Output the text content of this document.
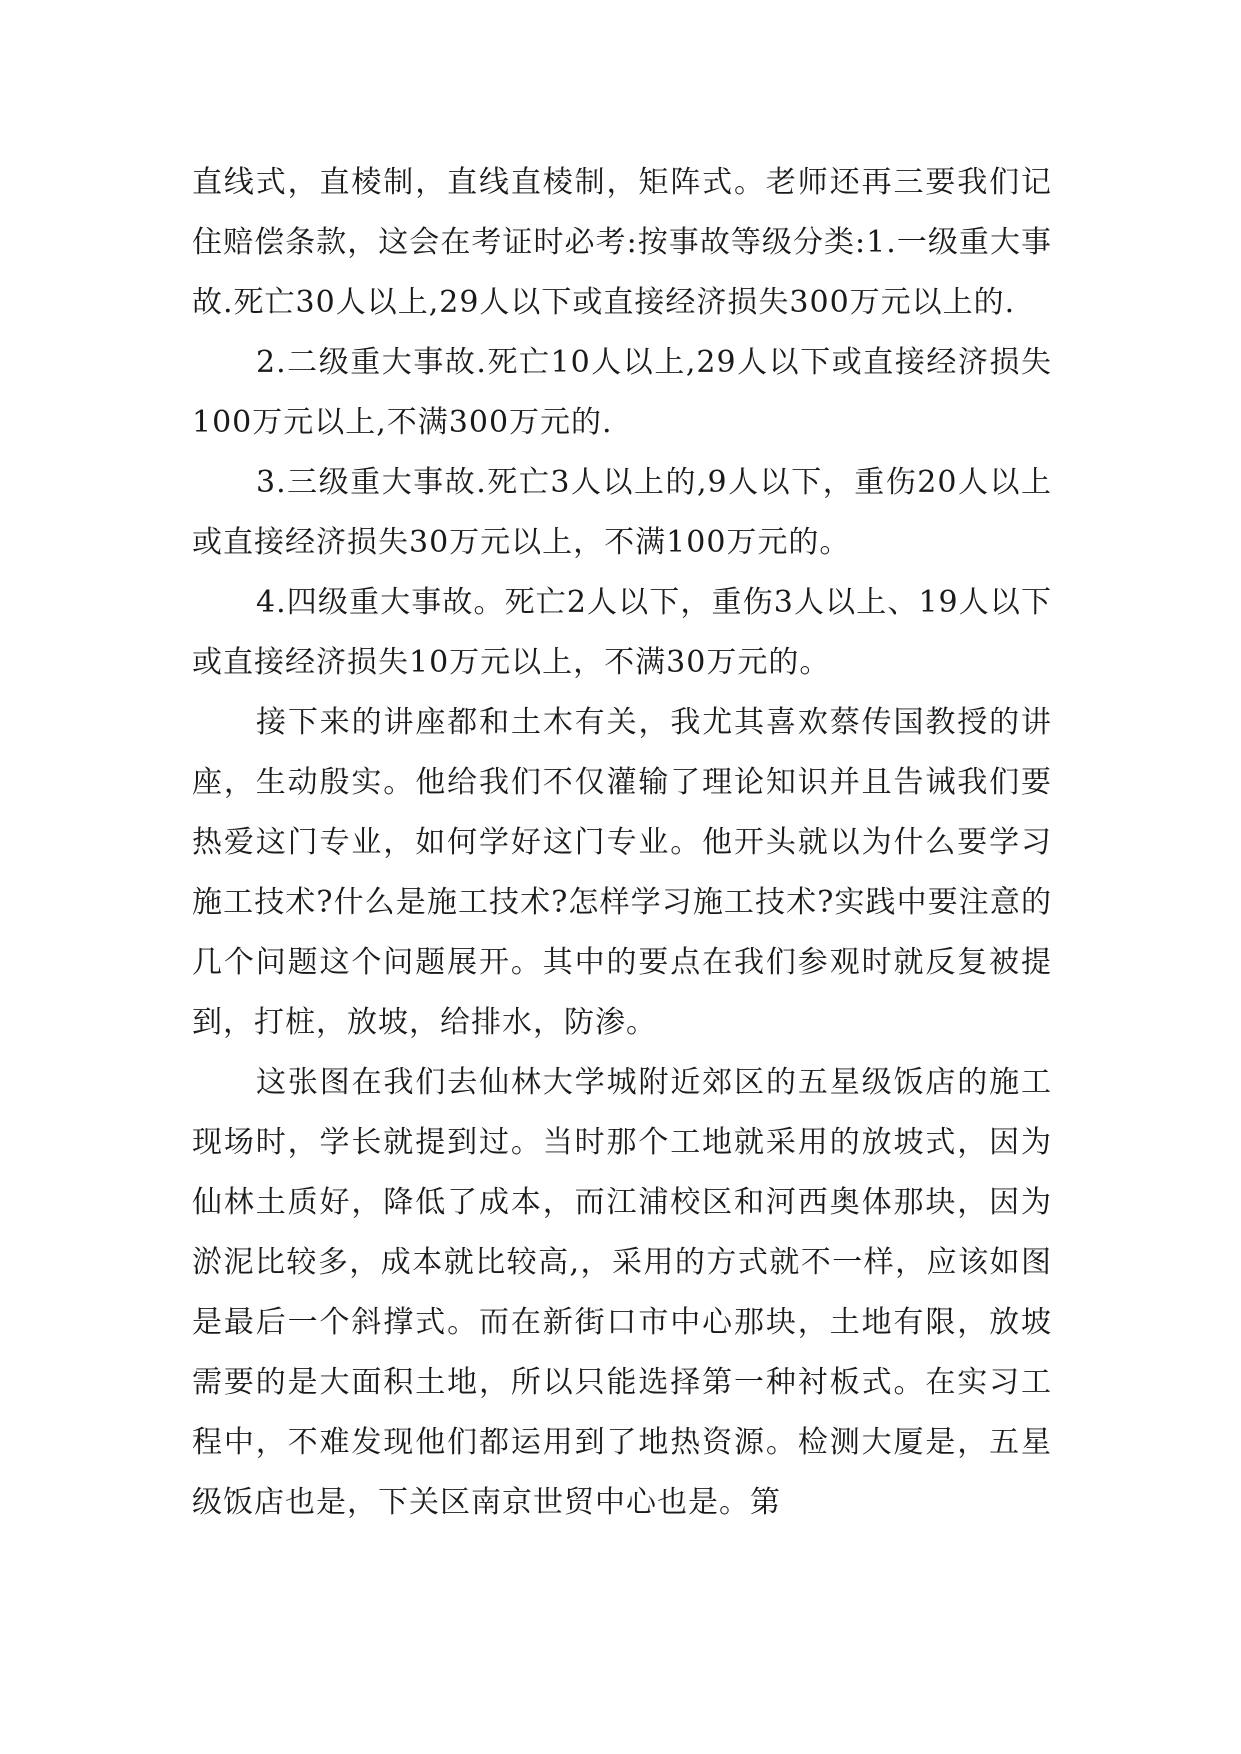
直线式，直棱制，直线直棱制，矩阵式。老师还再三要我们记住赔偿条款，这会在考证时必考:按事故等级分类:1.一级重大事故.死亡30人以上,29人以下或直接经济损失300万元以上的.

2.二级重大事故.死亡10人以上,29人以下或直接经济损失100万元以上,不满300万元的.

3.三级重大事故.死亡3人以上的,9人以下，重伤20人以上或直接经济损失30万元以上，不满100万元的。

4.四级重大事故。死亡2人以下，重伤3人以上、19人以下或直接经济损失10万元以上，不满30万元的。

接下来的讲座都和土木有关，我尤其喜欢蔡传国教授的讲座，生动殷实。他给我们不仅灌输了理论知识并且告诫我们要热爱这门专业，如何学好这门专业。他开头就以为什么要学习施工技术?什么是施工技术?怎样学习施工技术?实践中要注意的几个问题这个问题展开。其中的要点在我们参观时就反复被提到，打桩，放坡，给排水，防渗。

这张图在我们去仙林大学城附近郊区的五星级饭店的施工现场时，学长就提到过。当时那个工地就采用的放坡式，因为仙林土质好，降低了成本，而江浦校区和河西奥体那块，因为淤泥比较多，成本就比较高,，采用的方式就不一样，应该如图是最后一个斜撑式。而在新街口市中心那块，土地有限，放坡需要的是大面积土地，所以只能选择第一种衬板式。在实习工程中，不难发现他们都运用到了地热资源。检测大厦是，五星级饭店也是，下关区南京世贸中心也是。第
